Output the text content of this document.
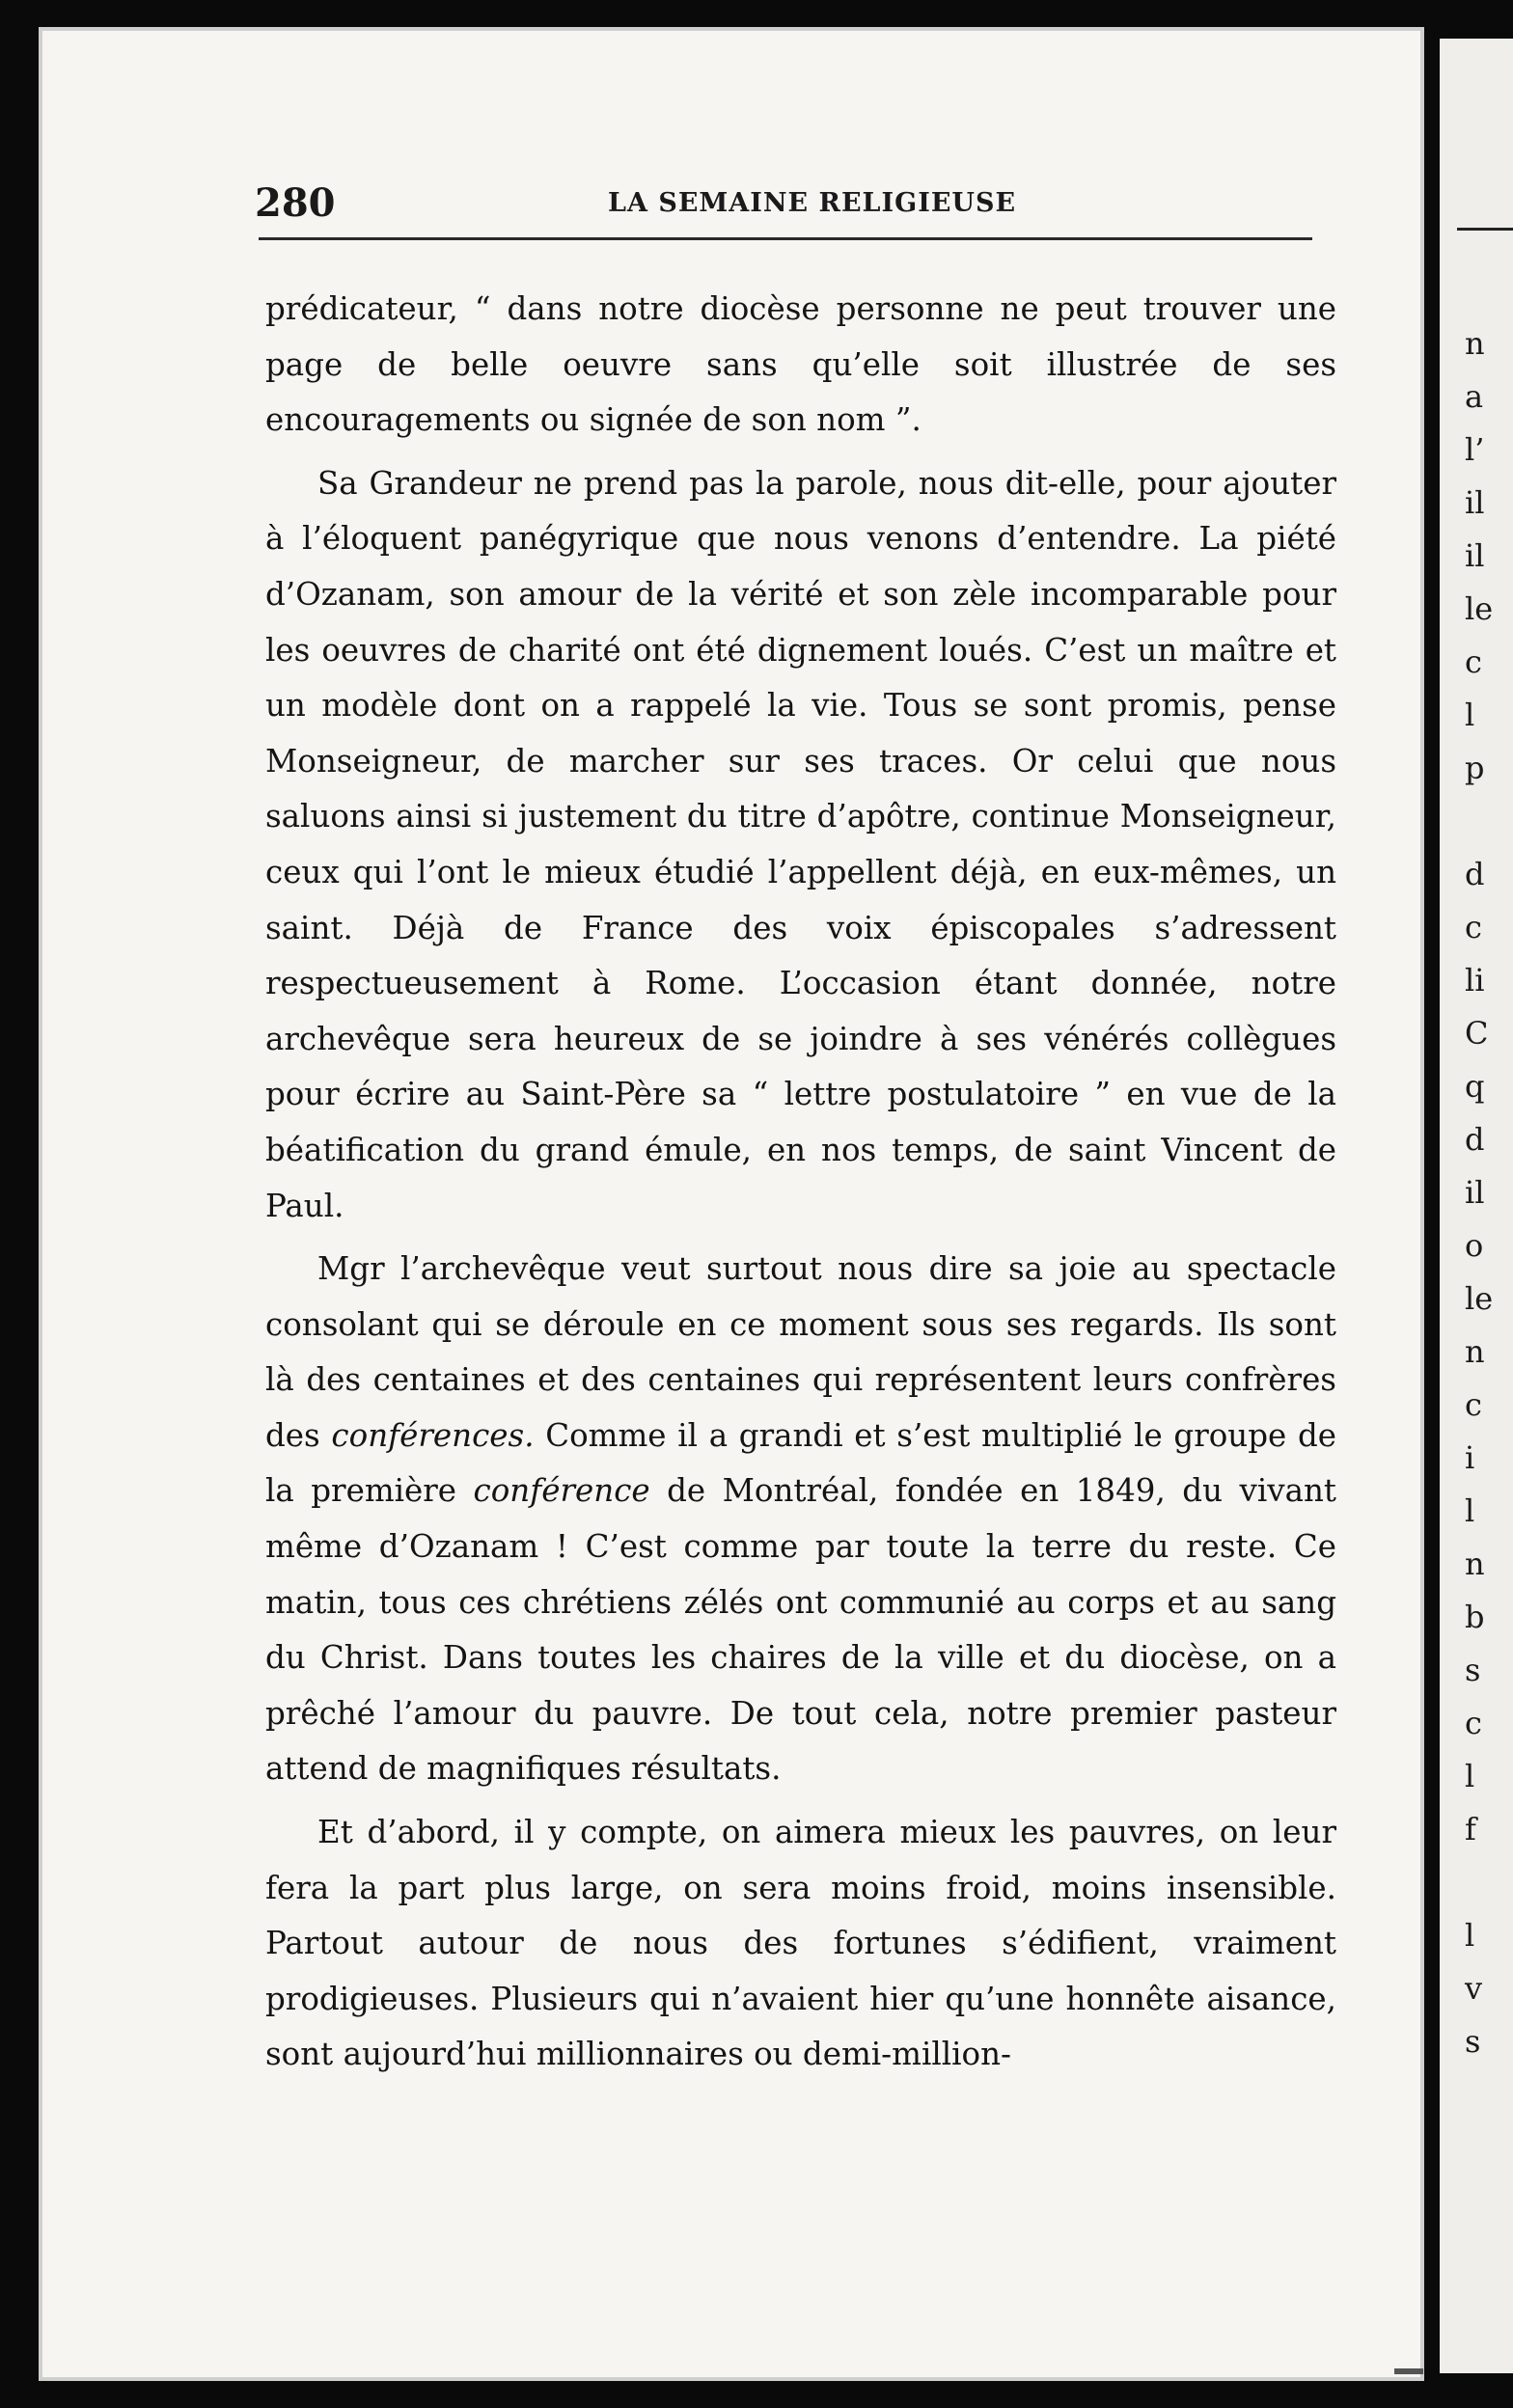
n
a
l’
il
il
le
c
l
p
d
c
li
C
q
d
il
o
le
n
c
i
l
n
b
s
c
l
f
l
v
s
280	LA SEMAINE RELIGIEUSE

prédicateur, “ dans notre diocèse personne ne peut trouver une page de belle oeuvre sans qu’elle soit illustrée de ses encouragements ou signée de son nom ”.

Sa Grandeur ne prend pas la parole, nous dit-elle, pour ajouter à l’éloquent panégyrique que nous venons d’entendre. La piété d’Ozanam, son amour de la vérité et son zèle incomparable pour les oeuvres de charité ont été dignement loués. C’est un maître et un modèle dont on a rappelé la vie. Tous se sont promis, pense Monseigneur, de marcher sur ses traces. Or celui que nous saluons ainsi si justement du titre d’apôtre, continue Monseigneur, ceux qui l’ont le mieux étudié l’appellent déjà, en eux-mêmes, un saint. Déjà de France des voix épiscopales s’adressent respectueusement à Rome. L’occasion étant donnée, notre archevêque sera heureux de se joindre à ses vénérés collègues pour écrire au Saint-Père sa “ lettre postulatoire ” en vue de la béatification du grand émule, en nos temps, de saint Vincent de Paul.

Mgr l’archevêque veut surtout nous dire sa joie au spectacle consolant qui se déroule en ce moment sous ses regards. Ils sont là des centaines et des centaines qui représentent leurs confrères des conférences. Comme il a grandi et s’est multiplié le groupe de la première conférence de Montréal, fondée en 1849, du vivant même d’Ozanam ! C’est comme par toute la terre du reste. Ce matin, tous ces chrétiens zélés ont communié au corps et au sang du Christ. Dans toutes les chaires de la ville et du diocèse, on a prêché l’amour du pauvre. De tout cela, notre premier pasteur attend de magnifiques résultats.

Et d’abord, il y compte, on aimera mieux les pauvres, on leur fera la part plus large, on sera moins froid, moins insensible. Partout autour de nous des fortunes s’édifient, vraiment prodigieuses. Plusieurs qui n’avaient hier qu’une honnête aisance, sont aujourd’hui millionnaires ou demi-million-
